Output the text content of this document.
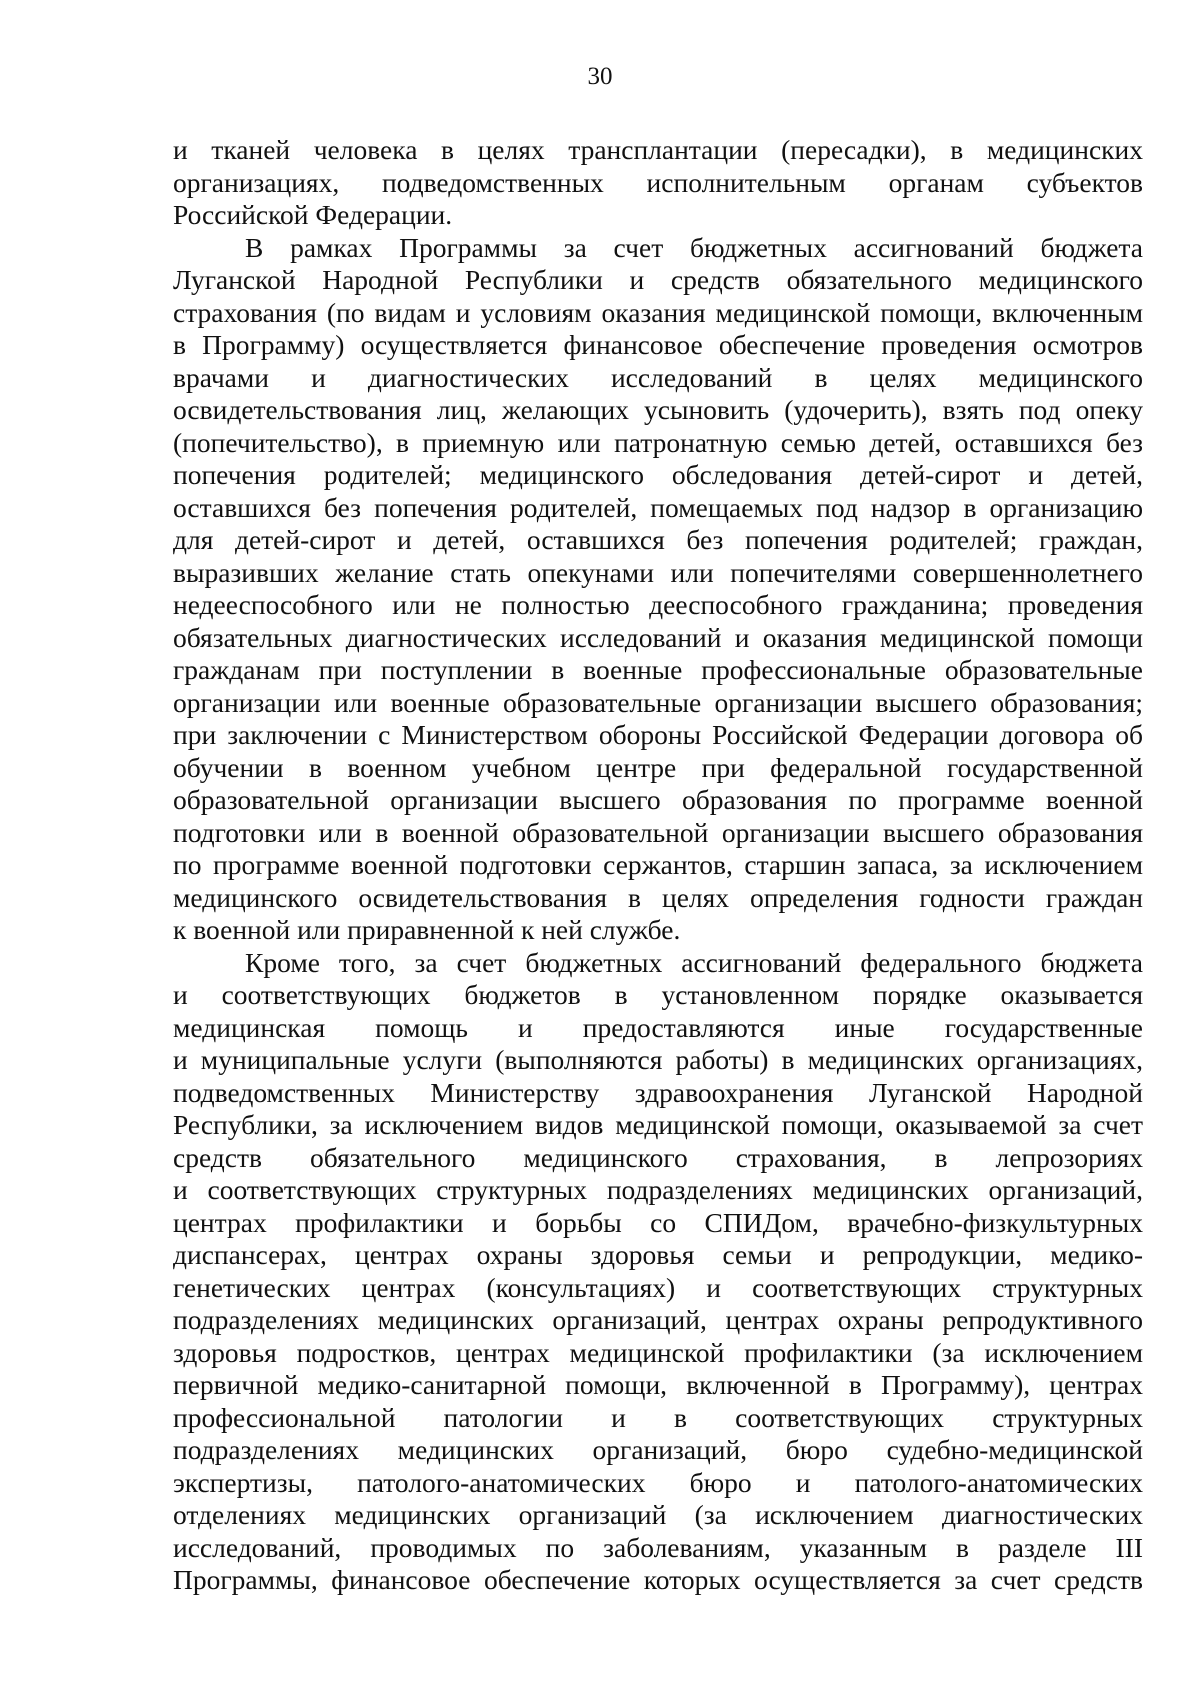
30
и тканей человека в целях трансплантации (пересадки), в медицинских
организациях, подведомственных исполнительным органам субъектов
Российской Федерации.
В рамках Программы за счет бюджетных ассигнований бюджета
Луганской Народной Республики и средств обязательного медицинского
страхования (по видам и условиям оказания медицинской помощи, включенным
в Программу) осуществляется финансовое обеспечение проведения осмотров
врачами и диагностических исследований в целях медицинского
освидетельствования лиц, желающих усыновить (удочерить), взять под опеку
(попечительство), в приемную или патронатную семью детей, оставшихся без
попечения родителей; медицинского обследования детей-сирот и детей,
оставшихся без попечения родителей, помещаемых под надзор в организацию
для детей-сирот и детей, оставшихся без попечения родителей; граждан,
выразивших желание стать опекунами или попечителями совершеннолетнего
недееспособного или не полностью дееспособного гражданина; проведения
обязательных диагностических исследований и оказания медицинской помощи
гражданам при поступлении в военные профессиональные образовательные
организации или военные образовательные организации высшего образования;
при заключении с Министерством обороны Российской Федерации договора об
обучении в военном учебном центре при федеральной государственной
образовательной организации высшего образования по программе военной
подготовки или в военной образовательной организации высшего образования
по программе военной подготовки сержантов, старшин запаса, за исключением
медицинского освидетельствования в целях определения годности граждан
к военной или приравненной к ней службе.
Кроме того, за счет бюджетных ассигнований федерального бюджета
и соответствующих бюджетов в установленном порядке оказывается
медицинская помощь и предоставляются иные государственные
и муниципальные услуги (выполняются работы) в медицинских организациях,
подведомственных Министерству здравоохранения Луганской Народной
Республики, за исключением видов медицинской помощи, оказываемой за счет
средств обязательного медицинского страхования, в лепрозориях
и соответствующих структурных подразделениях медицинских организаций,
центрах профилактики и борьбы со СПИДом, врачебно-физкультурных
диспансерах, центрах охраны здоровья семьи и репродукции, медико-
генетических центрах (консультациях) и соответствующих структурных
подразделениях медицинских организаций, центрах охраны репродуктивного
здоровья подростков, центрах медицинской профилактики (за исключением
первичной медико-санитарной помощи, включенной в Программу), центрах
профессиональной патологии и в соответствующих структурных
подразделениях медицинских организаций, бюро судебно-медицинской
экспертизы, патолого-анатомических бюро и патолого-анатомических
отделениях медицинских организаций (за исключением диагностических
исследований, проводимых по заболеваниям, указанным в разделе III
Программы, финансовое обеспечение которых осуществляется за счет средств
